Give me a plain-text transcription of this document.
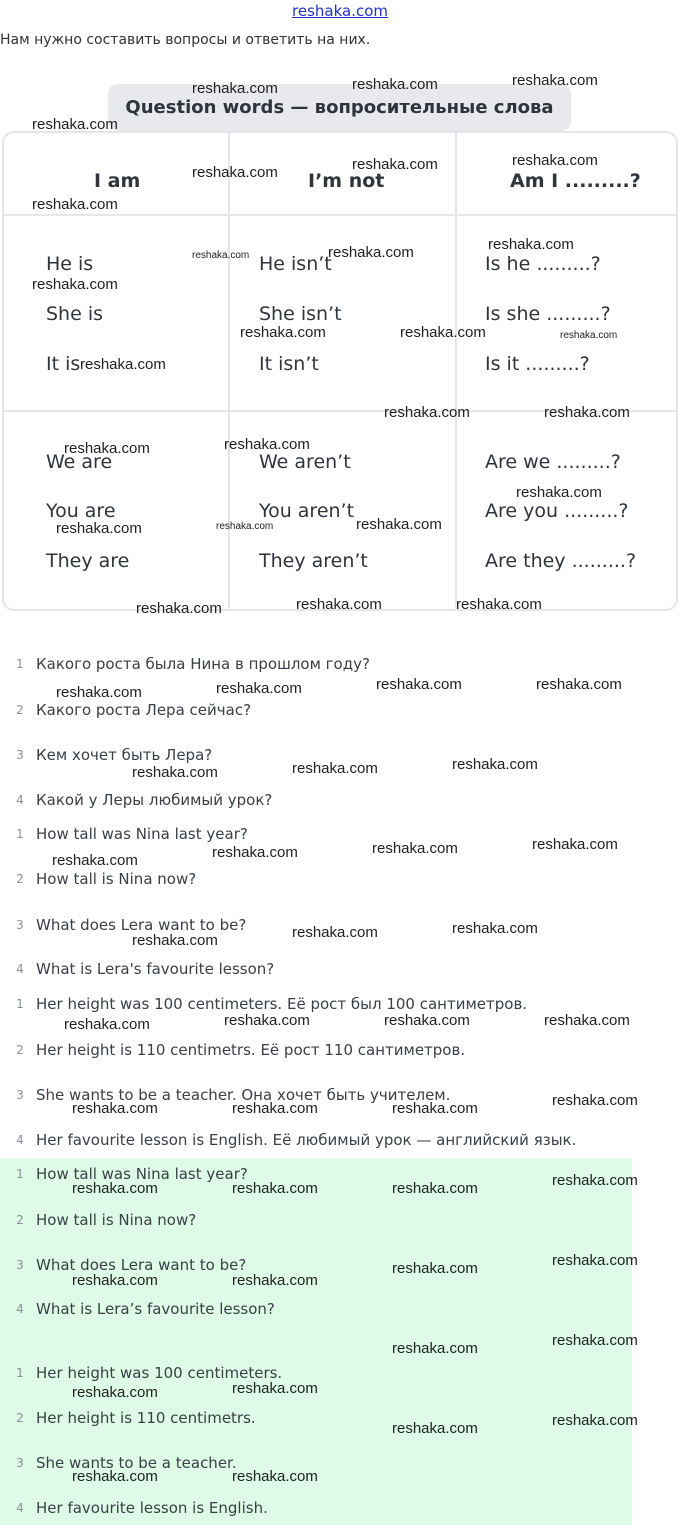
reshaka.com
Нам нужно составить вопросы и ответить на них.
Question words — вопросительные слова
I am	I’m not	Am I .........?
He is	He isn’t	Is he .........?
She is	She isn’t	Is she .........?
It is	It isn’t	Is it .........?
We are	We aren’t	Are we .........?
You are	You aren’t	Are you .........?
They are	They aren’t	Are they .........?
1 Какого роста была Нина в прошлом году?
2 Какого роста Лера сейчас?
3 Кем хочет быть Лера?
4 Какой у Леры любимый урок?
1 How tall was Nina last year?
2 How tall is Nina now?
3 What does Lera want to be?
4 What is Lera's favourite lesson?
1 Her height was 100 centimeters. Её рост был 100 сантиметров.
2 Her height is 110 centimetrs. Её рост 110 сантиметров.
3 She wants to be a teacher. Она хочет быть учителем.
4 Her favourite lesson is English. Её любимый урок — английский язык.
1 How tall was Nina last year?
2 How tall is Nina now?
3 What does Lera want to be?
4 What is Lera’s favourite lesson?
1 Her height was 100 centimeters.
2 Her height is 110 centimetrs.
3 She wants to be a teacher.
4 Her favourite lesson is English.
reshaka.com	reshaka.com	reshaka.com
reshaka.com
reshaka.com	reshaka.com	reshaka.com
reshaka.com
reshaka.com	reshaka.com	reshaka.com
reshaka.com
reshaka.com	reshaka.com	reshaka.com
reshaka.com
reshaka.com	reshaka.com
reshaka.com	reshaka.com
reshaka.com
reshaka.com	reshaka.com	reshaka.com
reshaka.com	reshaka.com	reshaka.com
reshaka.com	reshaka.com	reshaka.com	reshaka.com
reshaka.com	reshaka.com	reshaka.com
reshaka.com	reshaka.com	reshaka.com	reshaka.com
reshaka.com	reshaka.com	reshaka.com
reshaka.com	reshaka.com	reshaka.com	reshaka.com
reshaka.com	reshaka.com	reshaka.com	reshaka.com
reshaka.com	reshaka.com	reshaka.com	reshaka.com
reshaka.com	reshaka.com
reshaka.com	reshaka.com
reshaka.com	reshaka.com
reshaka.com	reshaka.com
reshaka.com	reshaka.com
reshaka.com	reshaka.com
